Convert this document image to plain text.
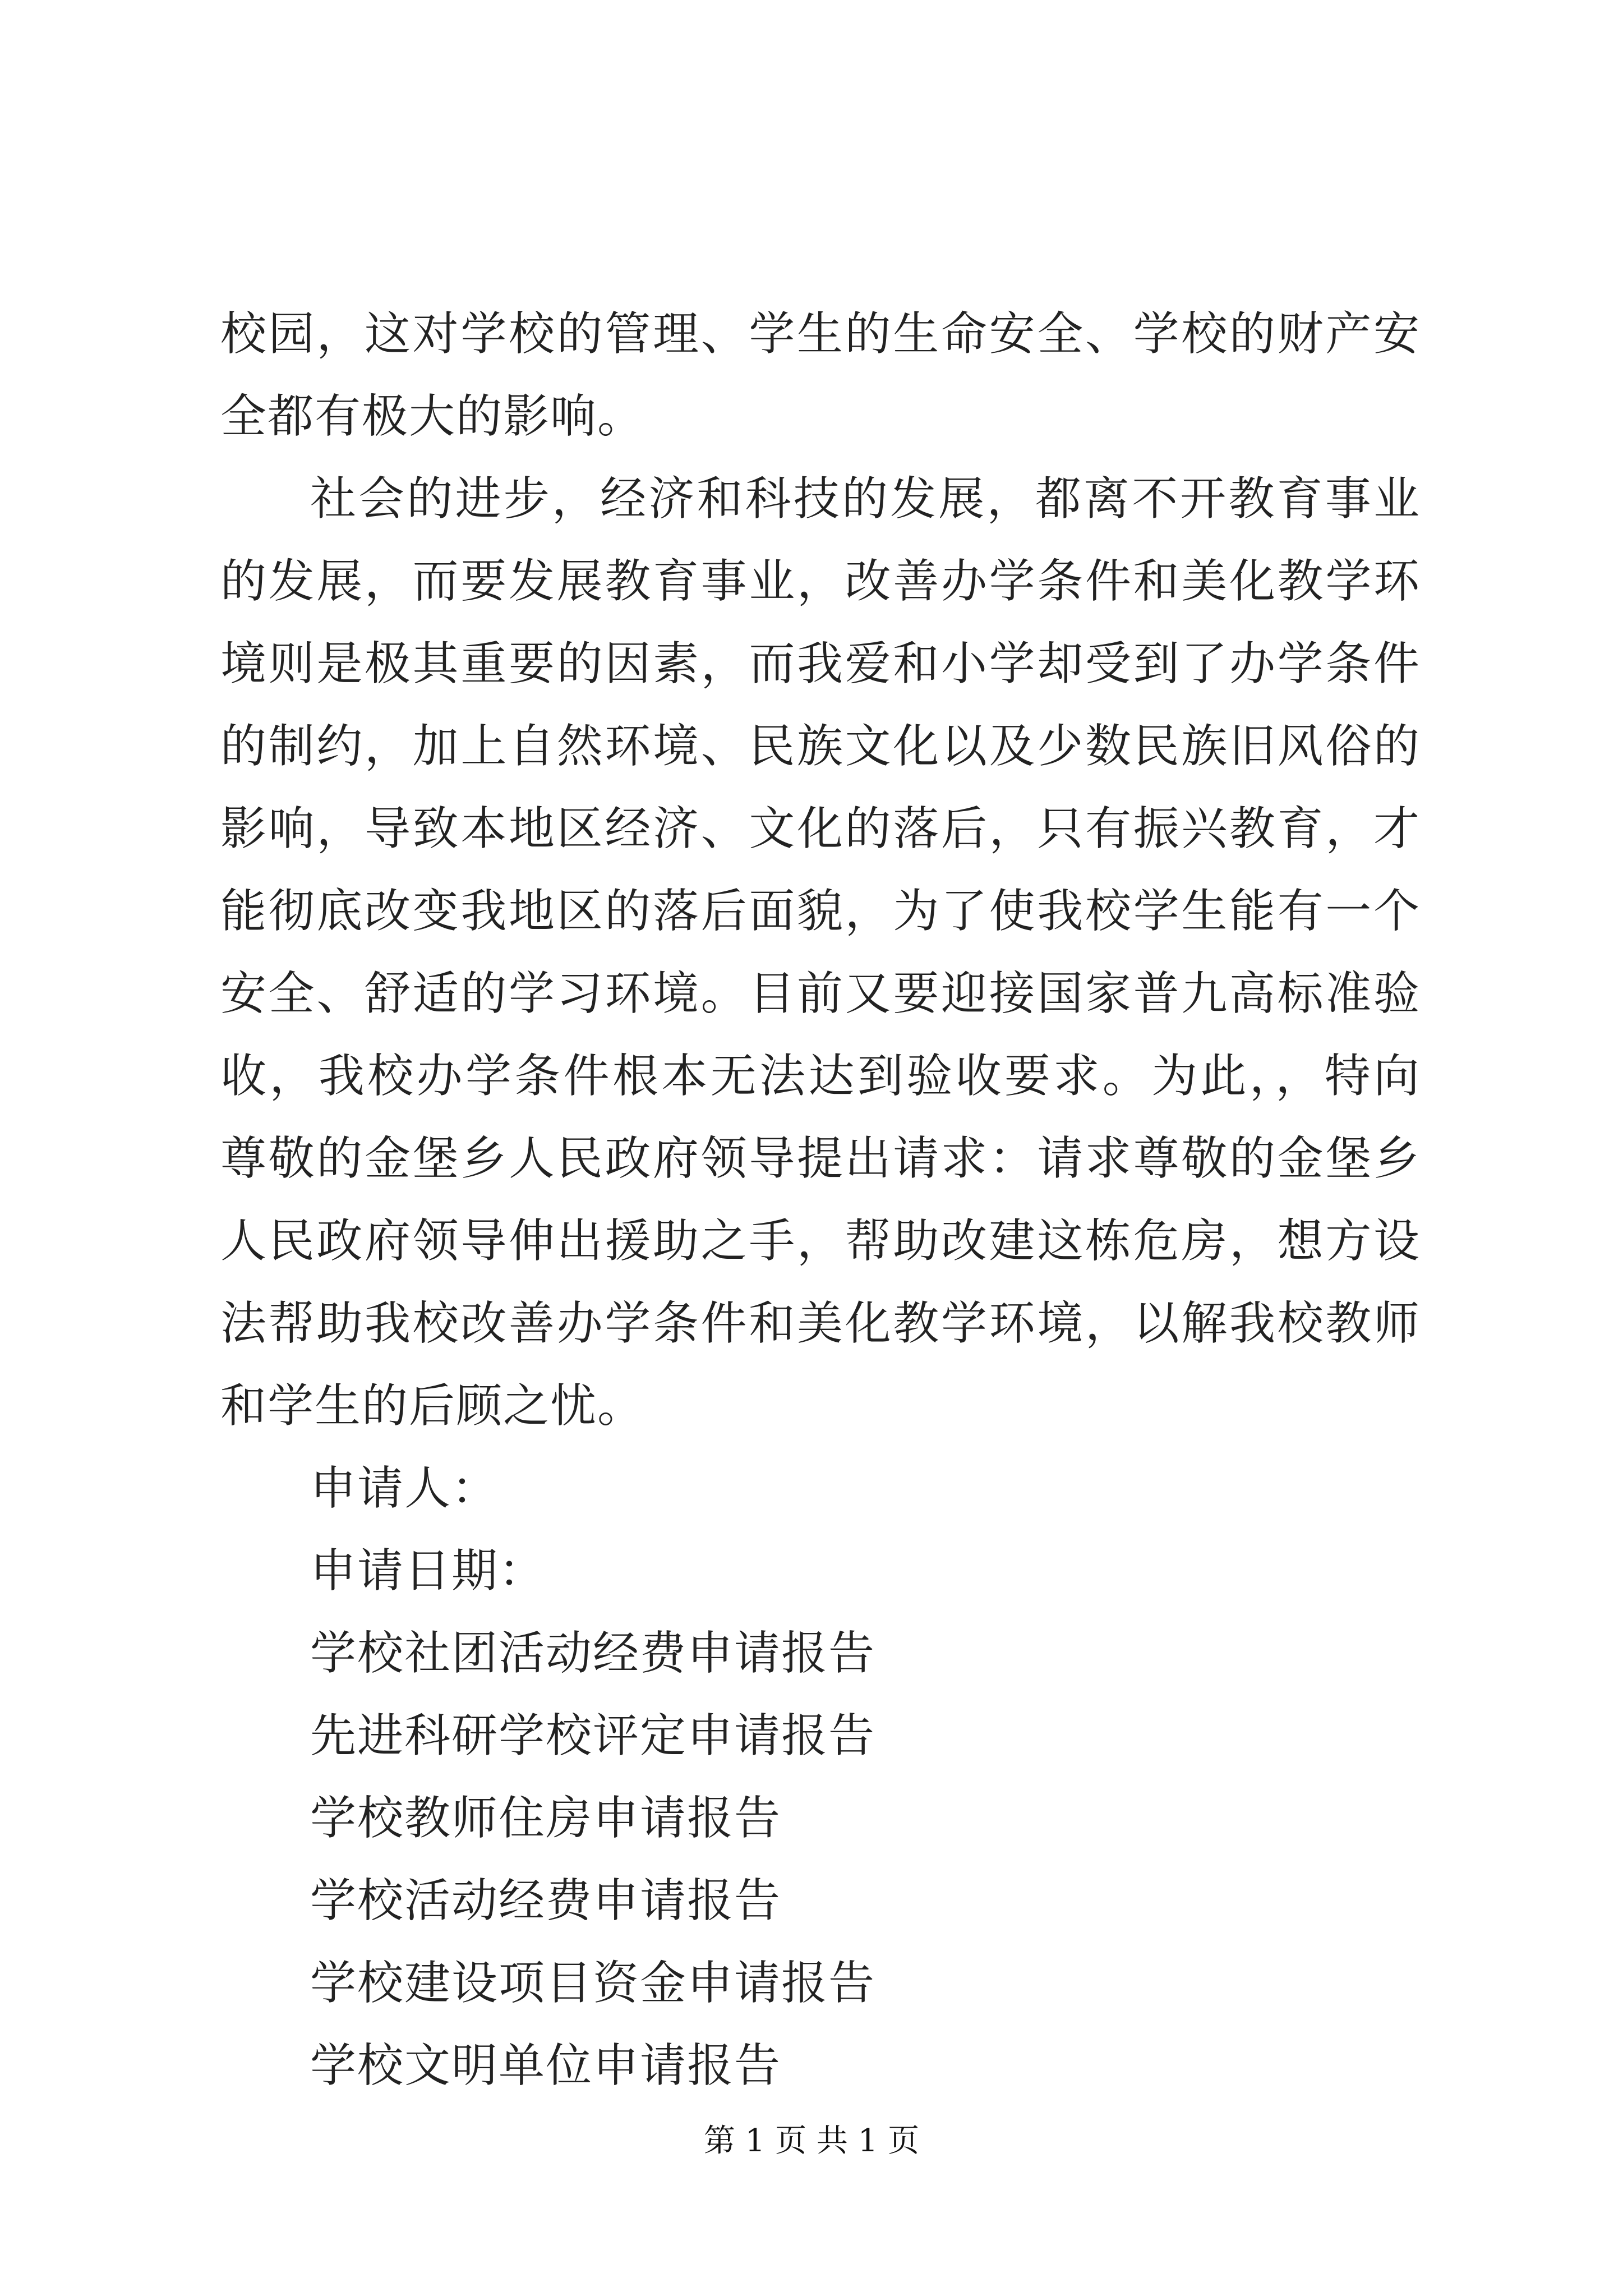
校园，这对学校的管理、学生的生命安全、学校的财产安全都有极大的影响。

社会的进步，经济和科技的发展，都离不开教育事业的发展，而要发展教育事业，改善办学条件和美化教学环境则是极其重要的因素，而我爱和小学却受到了办学条件的制约，加上自然环境、民族文化以及少数民族旧风俗的影响，导致本地区经济、文化的落后，只有振兴教育，才能彻底改变我地区的落后面貌，为了使我校学生能有一个安全、舒适的学习环境。目前又要迎接国家普九高标准验收，我校办学条件根本无法达到验收要求。为此，，特向尊敬的金堡乡人民政府领导提出请求：请求尊敬的金堡乡人民政府领导伸出援助之手，帮助改建这栋危房，想方设法帮助我校改善办学条件和美化教学环境，以解我校教师和学生的后顾之忧。

申请人：

申请日期：

学校社团活动经费申请报告

先进科研学校评定申请报告

学校教师住房申请报告

学校活动经费申请报告

学校建设项目资金申请报告

学校文明单位申请报告

第 1 页 共 1 页
